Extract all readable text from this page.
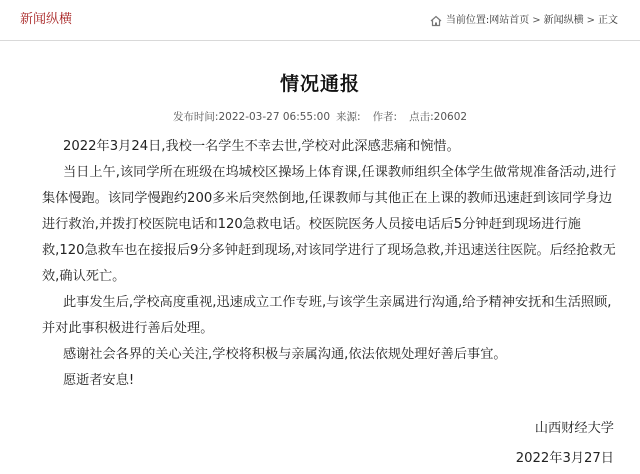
新闻纵横	当前位置: 网站首页 > 新闻纵横 > 正文
情况通报
发布时间:2022-03-27 06:55:00 来源: 作者: 点击:20602

2022年3月24日,我校一名学生不幸去世,学校对此深感悲痛和惋惜。

当日上午,该同学所在班级在坞城校区操场上体育课,任课教师组织全体学生做常规准备活动,进行集体慢跑。该同学慢跑约200多米后突然倒地,任课教师与其他正在上课的教师迅速赶到该同学身边进行救治,并拨打校医院电话和120急救电话。校医院医务人员接电话后5分钟赶到现场进行施救,120急救车也在接报后9分多钟赶到现场,对该同学进行了现场急救,并迅速送往医院。后经抢救无效,确认死亡。

此事发生后,学校高度重视,迅速成立工作专班,与该学生亲属进行沟通,给予精神安抚和生活照顾,并对此事积极进行善后处理。

感谢社会各界的关心关注,学校将积极与亲属沟通,依法依规处理好善后事宜。

愿逝者安息!

山西财经大学
2022年3月27日
